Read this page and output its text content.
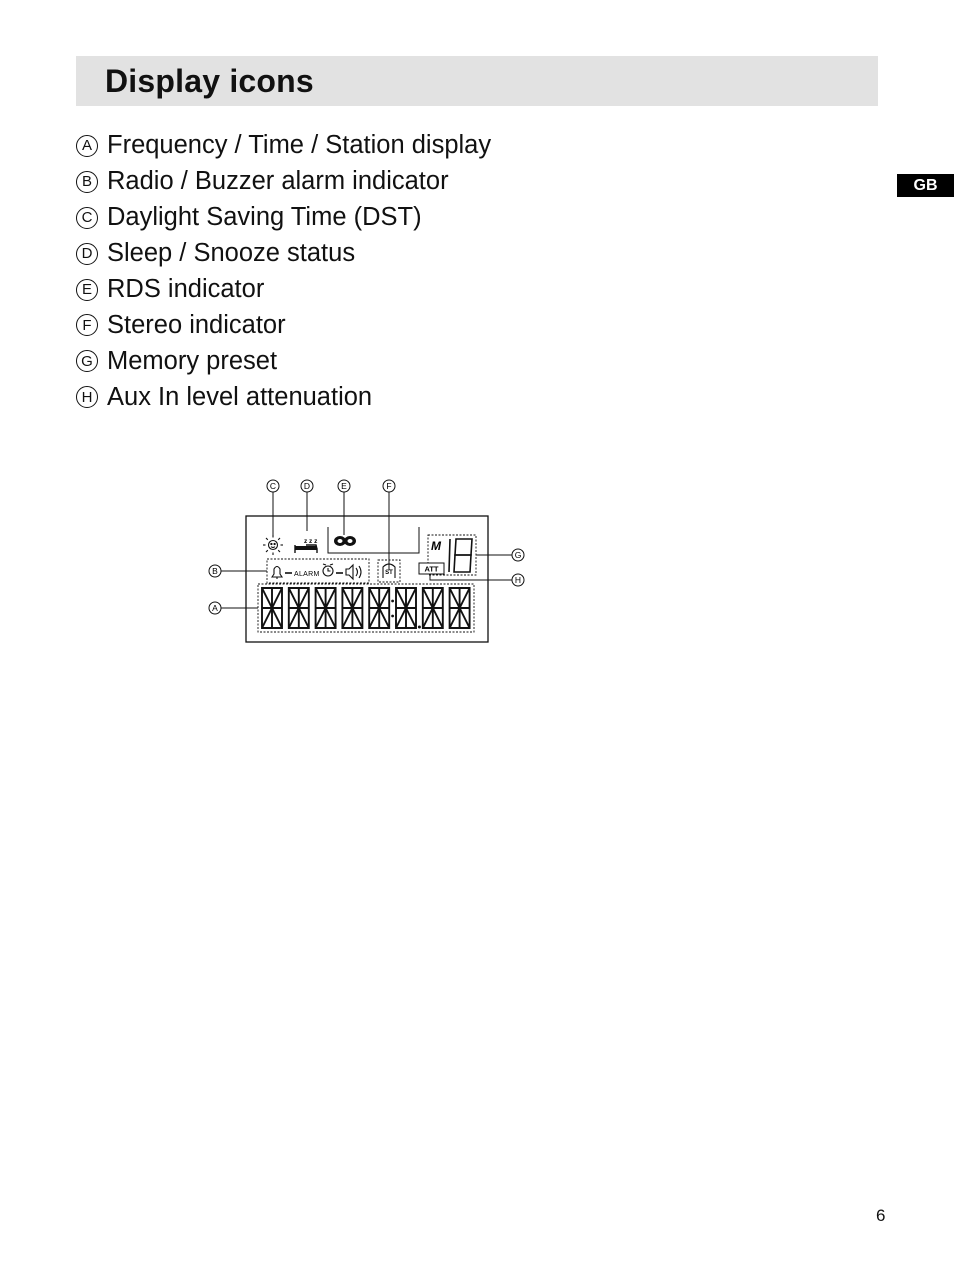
Display icons
GB
A Frequency / Time / Station display
B Radio / Buzzer alarm indicator
C Daylight Saving Time (DST)
D Sleep / Snooze status
E RDS indicator
F Stereo indicator
G Memory preset
H Aux In level attenuation
C	D	E	F
B
A
G
H
z z z
ALARM	ST
M
ATT
6
